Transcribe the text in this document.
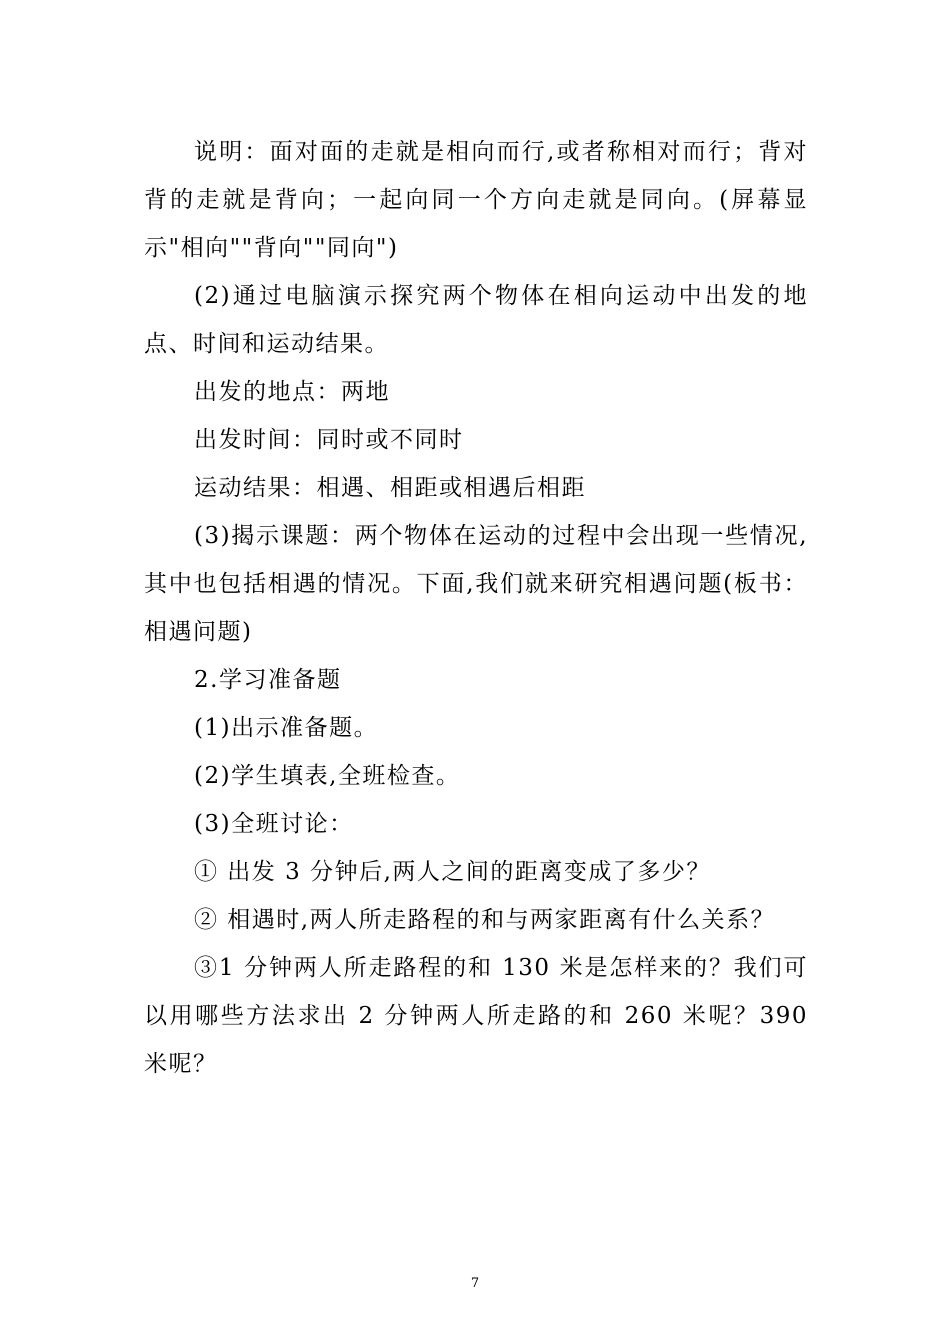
说明：面对面的走就是相向而行,或者称相对而行；背对背的走就是背向；一起向同一个方向走就是同向。(屏幕显示"相向""背向""同向")

(2)通过电脑演示探究两个物体在相向运动中出发的地点、时间和运动结果。

出发的地点：两地

出发时间：同时或不同时

运动结果：相遇、相距或相遇后相距

(3)揭示课题：两个物体在运动的过程中会出现一些情况,其中也包括相遇的情况。下面,我们就来研究相遇问题(板书：相遇问题)

2.学习准备题

(1)出示准备题。

(2)学生填表,全班检查。

(3)全班讨论：

① 出发 3 分钟后,两人之间的距离变成了多少？

② 相遇时,两人所走路程的和与两家距离有什么关系？

③1 分钟两人所走路程的和 130 米是怎样来的？我们可以用哪些方法求出 2 分钟两人所走路的和 260 米呢？390 米呢？

7
